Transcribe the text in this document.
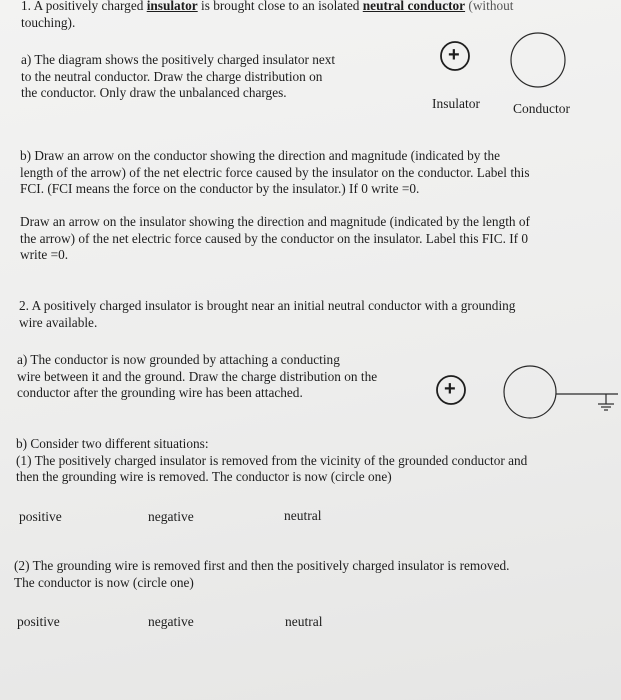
1. A positively charged insulator is brought close to an isolated neutral conductor (without
touching).

a) The diagram shows the positively charged insulator next
to the neutral conductor. Draw the charge distribution on
the conductor. Only draw the unbalanced charges.

+
Insulator Conductor

b) Draw an arrow on the conductor showing the direction and magnitude (indicated by the
length of the arrow) of the net electric force caused by the insulator on the conductor. Label this
FCI. (FCI means the force on the conductor by the insulator.) If 0 write =0.

Draw an arrow on the insulator showing the direction and magnitude (indicated by the length of
the arrow) of the net electric force caused by the conductor on the insulator. Label this FIC. If 0
write =0.

2. A positively charged insulator is brought near an initial neutral conductor with a grounding
wire available.

a) The conductor is now grounded by attaching a conducting
wire between it and the ground. Draw the charge distribution on the
conductor after the grounding wire has been attached.	+

b) Consider two different situations:
(1) The positively charged insulator is removed from the vicinity of the grounded conductor and
then the grounding wire is removed. The conductor is now (circle one)

positive	negative	neutral

(2) The grounding wire is removed first and then the positively charged insulator is removed.
The conductor is now (circle one)

positive	negative	neutral
